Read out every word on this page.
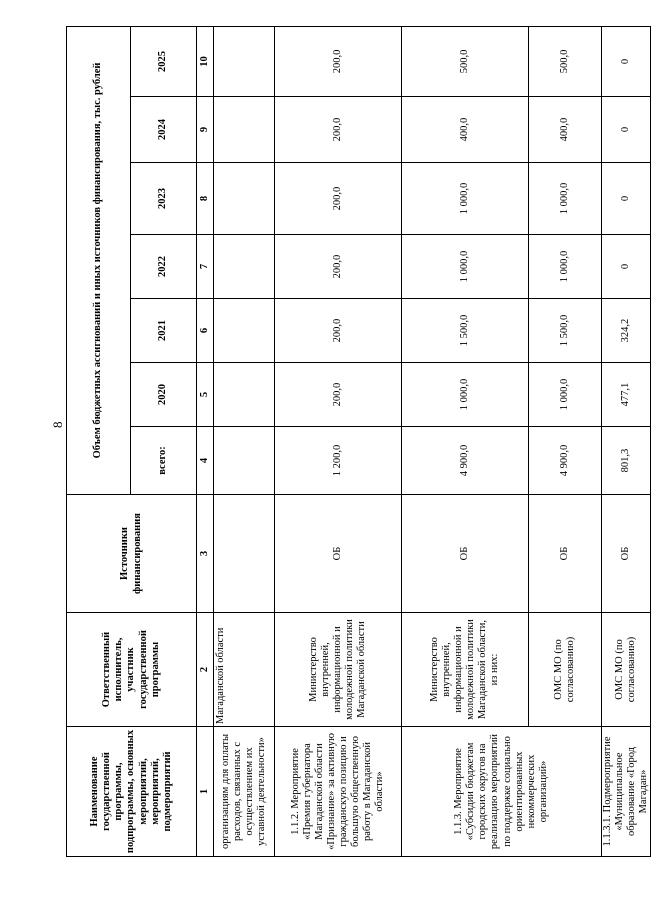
8
Наименование государственной программы, подпрограммы, основных мероприятий, мероприятий, подмероприятий	Ответственный исполнитель, участник государственной программы	Источники финансирования	Объем бюджетных ассигнований и иных источников финансирования, тыс. рублей						
			всего:	2020	2021	2022	2023	2024	2025
1	2	3	4	5	6	7	8	9	10
организациям для оплаты расходов, связанных с осуществлением их уставной деятельности»	Магаданской области								
1.1.2. Мероприятие «Премия губернатора Магаданской области «Признание» за активную гражданскую позицию и большую общественную работу в Магаданской области»	Министерство внутренней, информационной и молодежной политики Магаданской области	ОБ	1 200,0	200,0	200,0	200,0	200,0	200,0	200,0
1.1.3. Мероприятие «Субсидии бюджетам городских округов на реализацию мероприятий по поддержке социально ориентированных некоммерческих организаций»	Министерство внутренней, информационной и молодежной политики Магаданской области, из них:	ОБ	4 900,0	1 000,0	1 500,0	1 000,0	1 000,0	400,0	500,0
	ОМС МО (по согласованию)	ОБ	4 900,0	1 000,0	1 500,0	1 000,0	1 000,0	400,0	500,0
1.1.3.1. Подмероприятие «Муниципальное образование «Город Магадан»	ОМС МО (по согласованию)	ОБ	801,3	477,1	324,2	0	0	0	0
